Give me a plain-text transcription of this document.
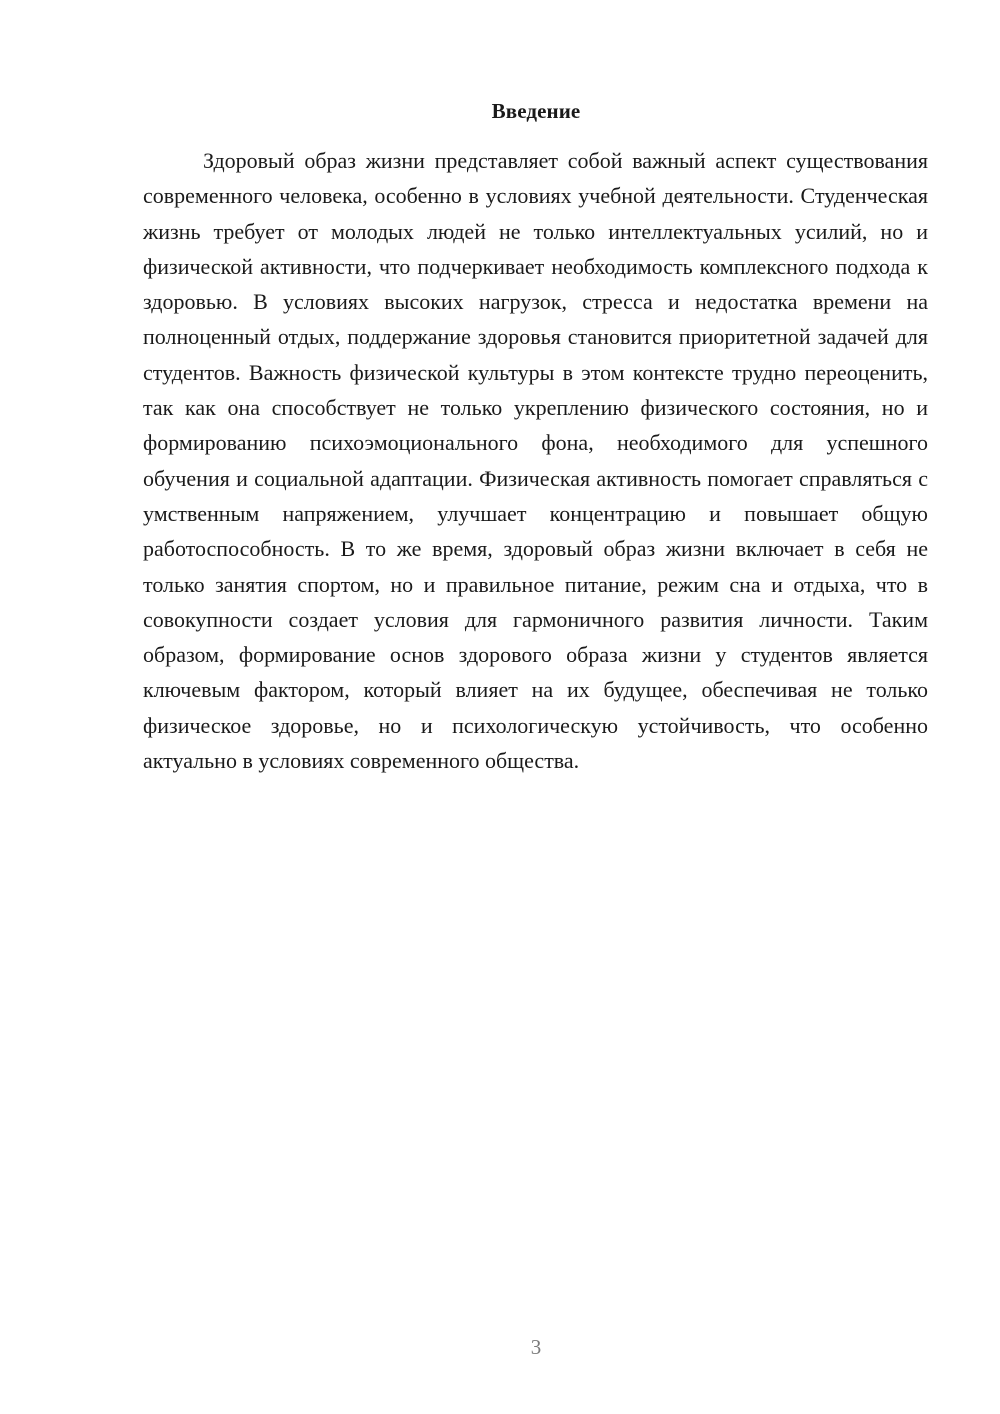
Введение

Здоровый образ жизни представляет собой важный аспект существования современного человека, особенно в условиях учебной деятельности. Студенческая жизнь требует от молодых людей не только интеллектуальных усилий, но и физической активности, что подчеркивает необходимость комплексного подхода к здоровью. В условиях высоких нагрузок, стресса и недостатка времени на полноценный отдых, поддержание здоровья становится приоритетной задачей для студентов. Важность физической культуры в этом контексте трудно переоценить, так как она способствует не только укреплению физического состояния, но и формированию психоэмоционального фона, необходимого для успешного обучения и социальной адаптации. Физическая активность помогает справляться с умственным напряжением, улучшает концентрацию и повышает общую работоспособность. В то же время, здоровый образ жизни включает в себя не только занятия спортом, но и правильное питание, режим сна и отдыха, что в совокупности создает условия для гармоничного развития личности. Таким образом, формирование основ здорового образа жизни у студентов является ключевым фактором, который влияет на их будущее, обеспечивая не только физическое здоровье, но и психологическую устойчивость, что особенно актуально в условиях современного общества.

3
